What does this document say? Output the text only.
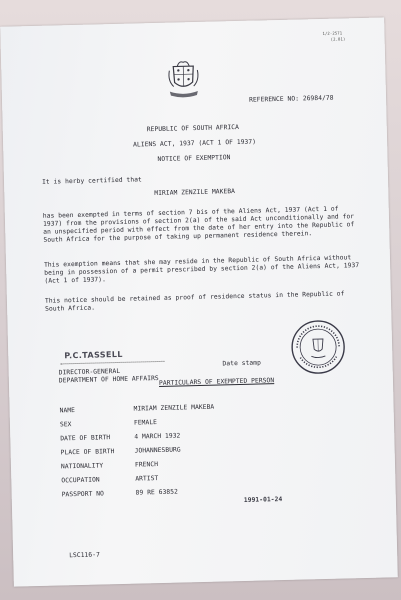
1/2-2571
(2.81)
REFERENCE NO: 26984/78
REPUBLIC OF SOUTH AFRICA
ALIENS ACT, 1937 (ACT 1 OF 1937)
NOTICE OF EXEMPTION
It is herby certified that
MIRIAM ZENZILE MAKEBA
has been exempted in terms of section 7 bis of the Aliens Act, 1937 (Act 1 of 1937) from the provisions of section 2(a) of the said Act unconditionally and for an unspecified period with effect from the date of her entry into the Republic of South Africa for the purpose of taking up permanent residence therein.
This exemption means that she may reside in the Republic of South Africa without being in possession of a permit prescribed by section 2(a) of the Aliens Act, 1937 (Act 1 of 1937).
This notice should be retained as proof of residence status in the Republic of South Africa.
P.C.TASSELL
DIRECTOR-GENERAL
DEPARTMENT OF HOME AFFAIRS
Date stamp
PARTICULARS OF EXEMPTED PERSON
NAME	MIRIAM ZENZILE MAKEBA
SEX	FEMALE
DATE OF BIRTH	4 MARCH 1932
PLACE OF BIRTH	JOHANNESBURG
NATIONALITY	FRENCH
OCCUPATION	ARTIST
PASSPORT NO	89 RE 63852
1991-01-24
LSC116-7
